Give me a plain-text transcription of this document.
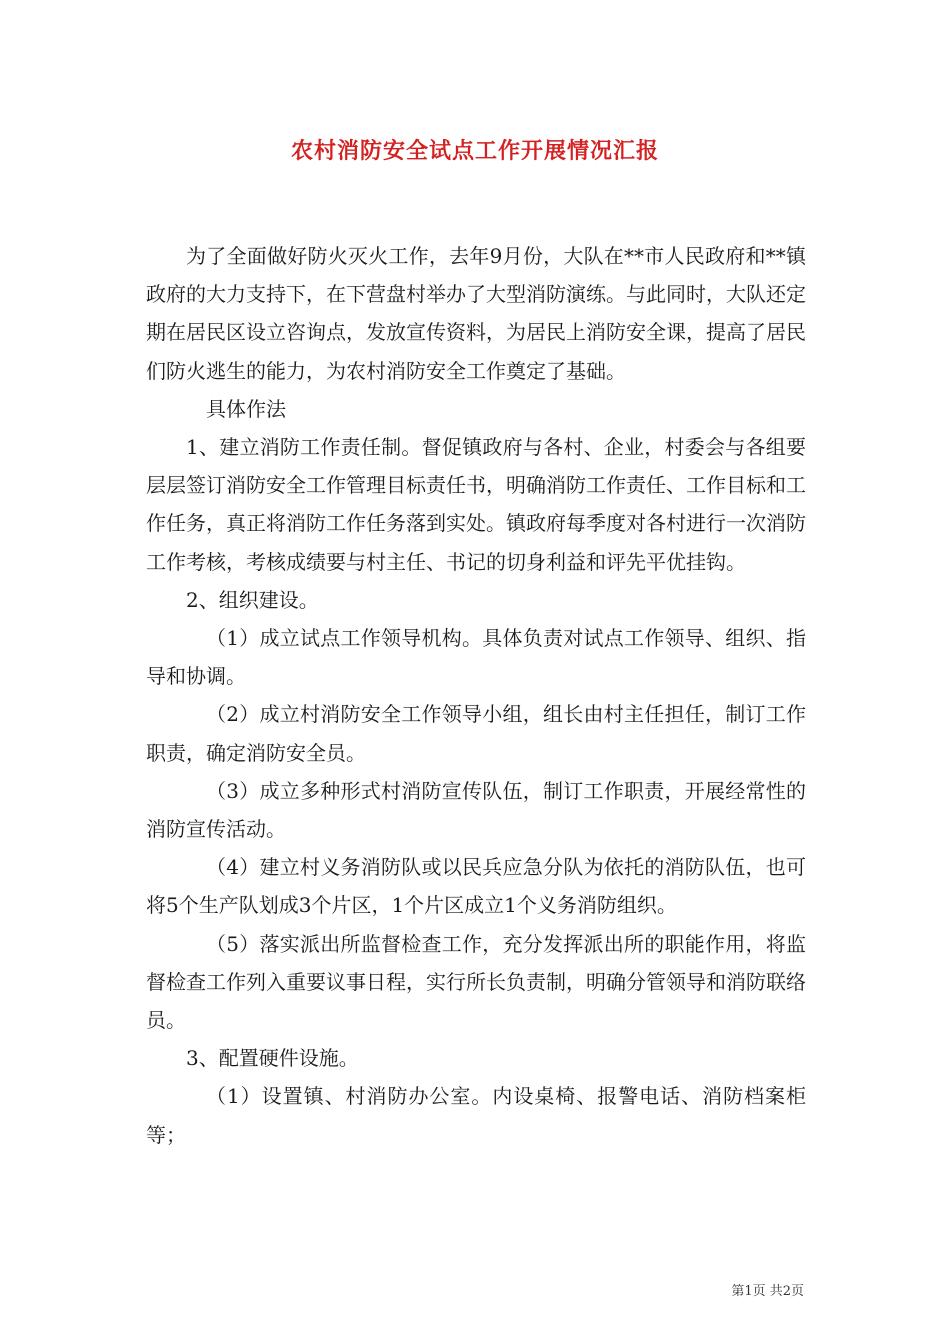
农村消防安全试点工作开展情况汇报

为了全面做好防火灭火工作，去年9月份，大队在**市人民政府和**镇政府的大力支持下，在下营盘村举办了大型消防演练。与此同时，大队还定期在居民区设立咨询点，发放宣传资料，为居民上消防安全课，提高了居民们防火逃生的能力，为农村消防安全工作奠定了基础。

具体作法

1、建立消防工作责任制。督促镇政府与各村、企业，村委会与各组要层层签订消防安全工作管理目标责任书，明确消防工作责任、工作目标和工作任务，真正将消防工作任务落到实处。镇政府每季度对各村进行一次消防工作考核，考核成绩要与村主任、书记的切身利益和评先平优挂钩。

2、组织建设。

（1）成立试点工作领导机构。具体负责对试点工作领导、组织、指导和协调。

（2）成立村消防安全工作领导小组，组长由村主任担任，制订工作职责，确定消防安全员。

（3）成立多种形式村消防宣传队伍，制订工作职责，开展经常性的消防宣传活动。

（4）建立村义务消防队或以民兵应急分队为依托的消防队伍，也可将5个生产队划成3个片区，1个片区成立1个义务消防组织。

（5）落实派出所监督检查工作，充分发挥派出所的职能作用，将监督检查工作列入重要议事日程，实行所长负责制，明确分管领导和消防联络员。

3、配置硬件设施。

（1）设置镇、村消防办公室。内设桌椅、报警电话、消防档案柜等；

第1页 共2页
